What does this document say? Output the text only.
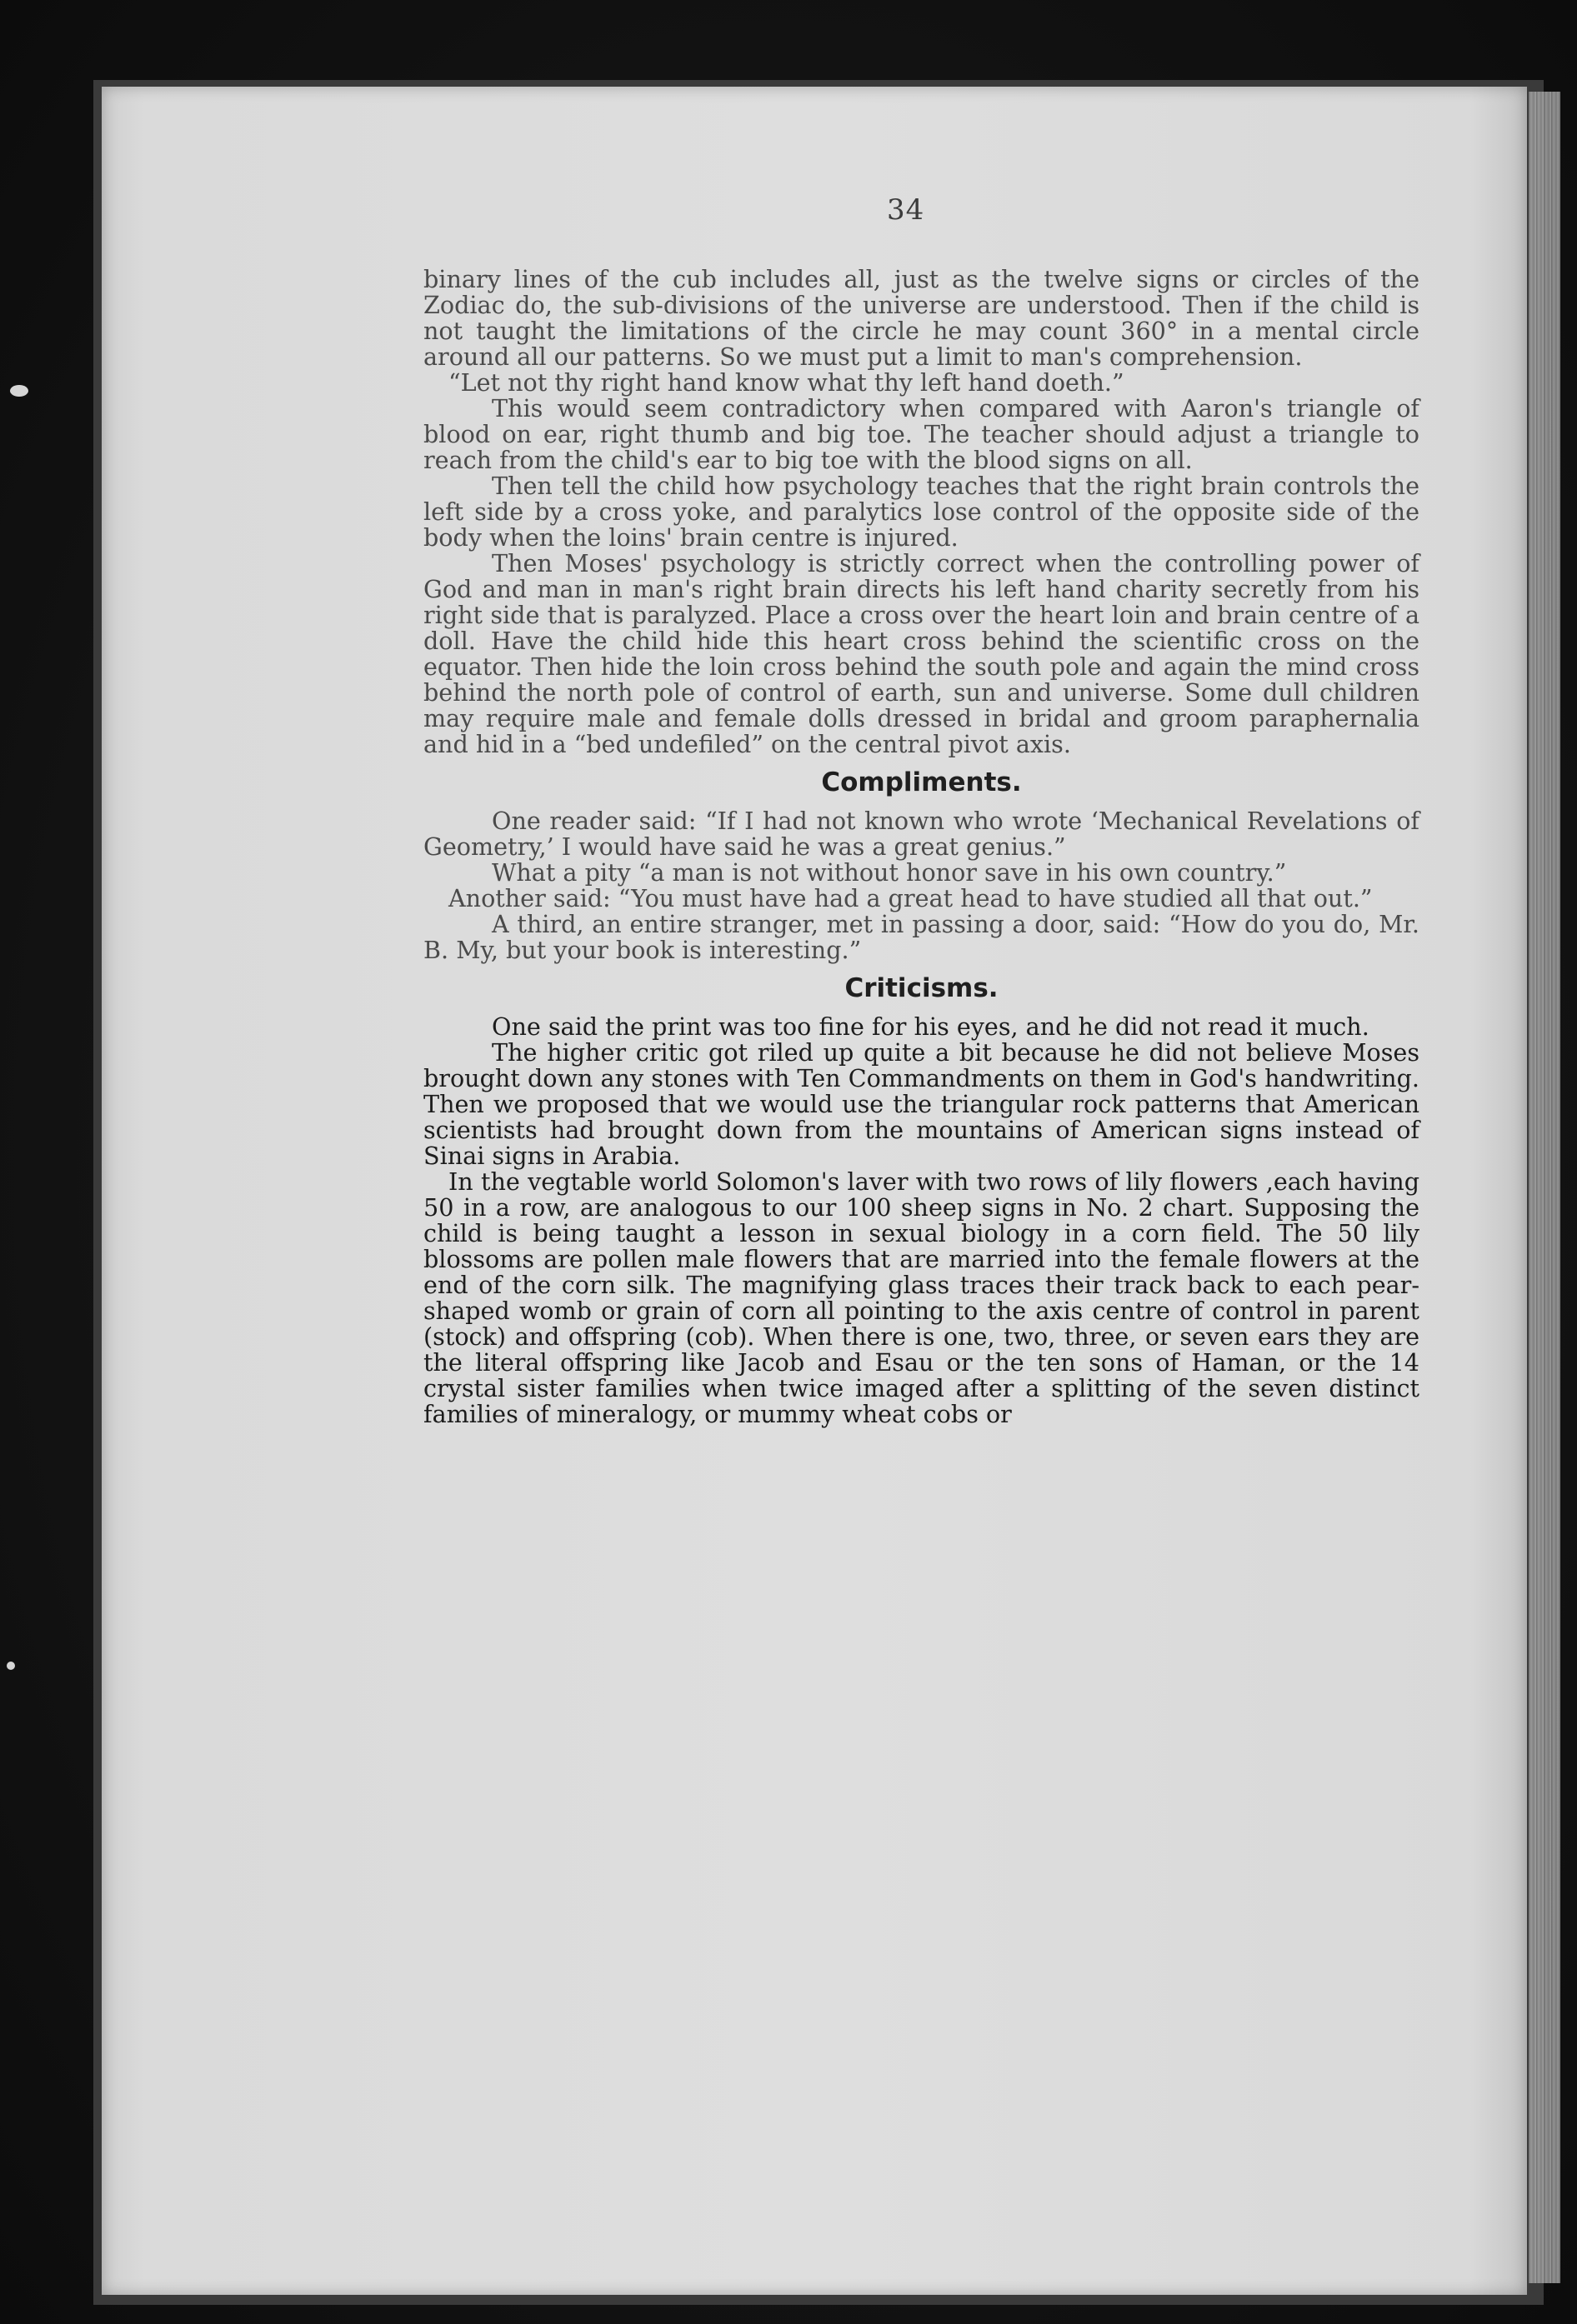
34

binary lines of the cub includes all, just as the twelve signs or circles of the Zodiac do, the sub-divisions of the universe are understood. Then if the child is not taught the limitations of the circle he may count 360° in a mental circle around all our patterns. So we must put a limit to man's comprehension.

“Let not thy right hand know what thy left hand doeth.”

This would seem contradictory when compared with Aaron's triangle of blood on ear, right thumb and big toe. The teacher should adjust a triangle to reach from the child's ear to big toe with the blood signs on all.

Then tell the child how psychology teaches that the right brain controls the left side by a cross yoke, and paralytics lose control of the opposite side of the body when the loins' brain centre is injured.

Then Moses' psychology is strictly correct when the controlling power of God and man in man's right brain directs his left hand charity secretly from his right side that is paralyzed. Place a cross over the heart loin and brain centre of a doll. Have the child hide this heart cross behind the scientific cross on the equator. Then hide the loin cross behind the south pole and again the mind cross behind the north pole of control of earth, sun and universe. Some dull children may require male and female dolls dressed in bridal and groom paraphernalia and hid in a “bed undefiled” on the central pivot axis.

Compliments.

One reader said: “If I had not known who wrote ‘Mechanical Revelations of Geometry,’ I would have said he was a great genius.”

What a pity “a man is not without honor save in his own country.”

Another said: “You must have had a great head to have studied all that out.”

A third, an entire stranger, met in passing a door, said: “How do you do, Mr. B. My, but your book is interesting.”

Criticisms.

One said the print was too fine for his eyes, and he did not read it much.

The higher critic got riled up quite a bit because he did not believe Moses brought down any stones with Ten Commandments on them in God's handwriting. Then we proposed that we would use the triangular rock patterns that American scientists had brought down from the mountains of American signs instead of Sinai signs in Arabia.

In the vegtable world Solomon's laver with two rows of lily flowers ,each having 50 in a row, are analogous to our 100 sheep signs in No. 2 chart. Supposing the child is being taught a lesson in sexual biology in a corn field. The 50 lily blossoms are pollen male flowers that are married into the female flowers at the end of the corn silk. The magnifying glass traces their track back to each pear-shaped womb or grain of corn all pointing to the axis centre of control in parent (stock) and offspring (cob). When there is one, two, three, or seven ears they are the literal offspring like Jacob and Esau or the ten sons of Haman, or the 14 crystal sister families when twice imaged after a splitting of the seven distinct families of mineralogy, or mummy wheat cobs or
